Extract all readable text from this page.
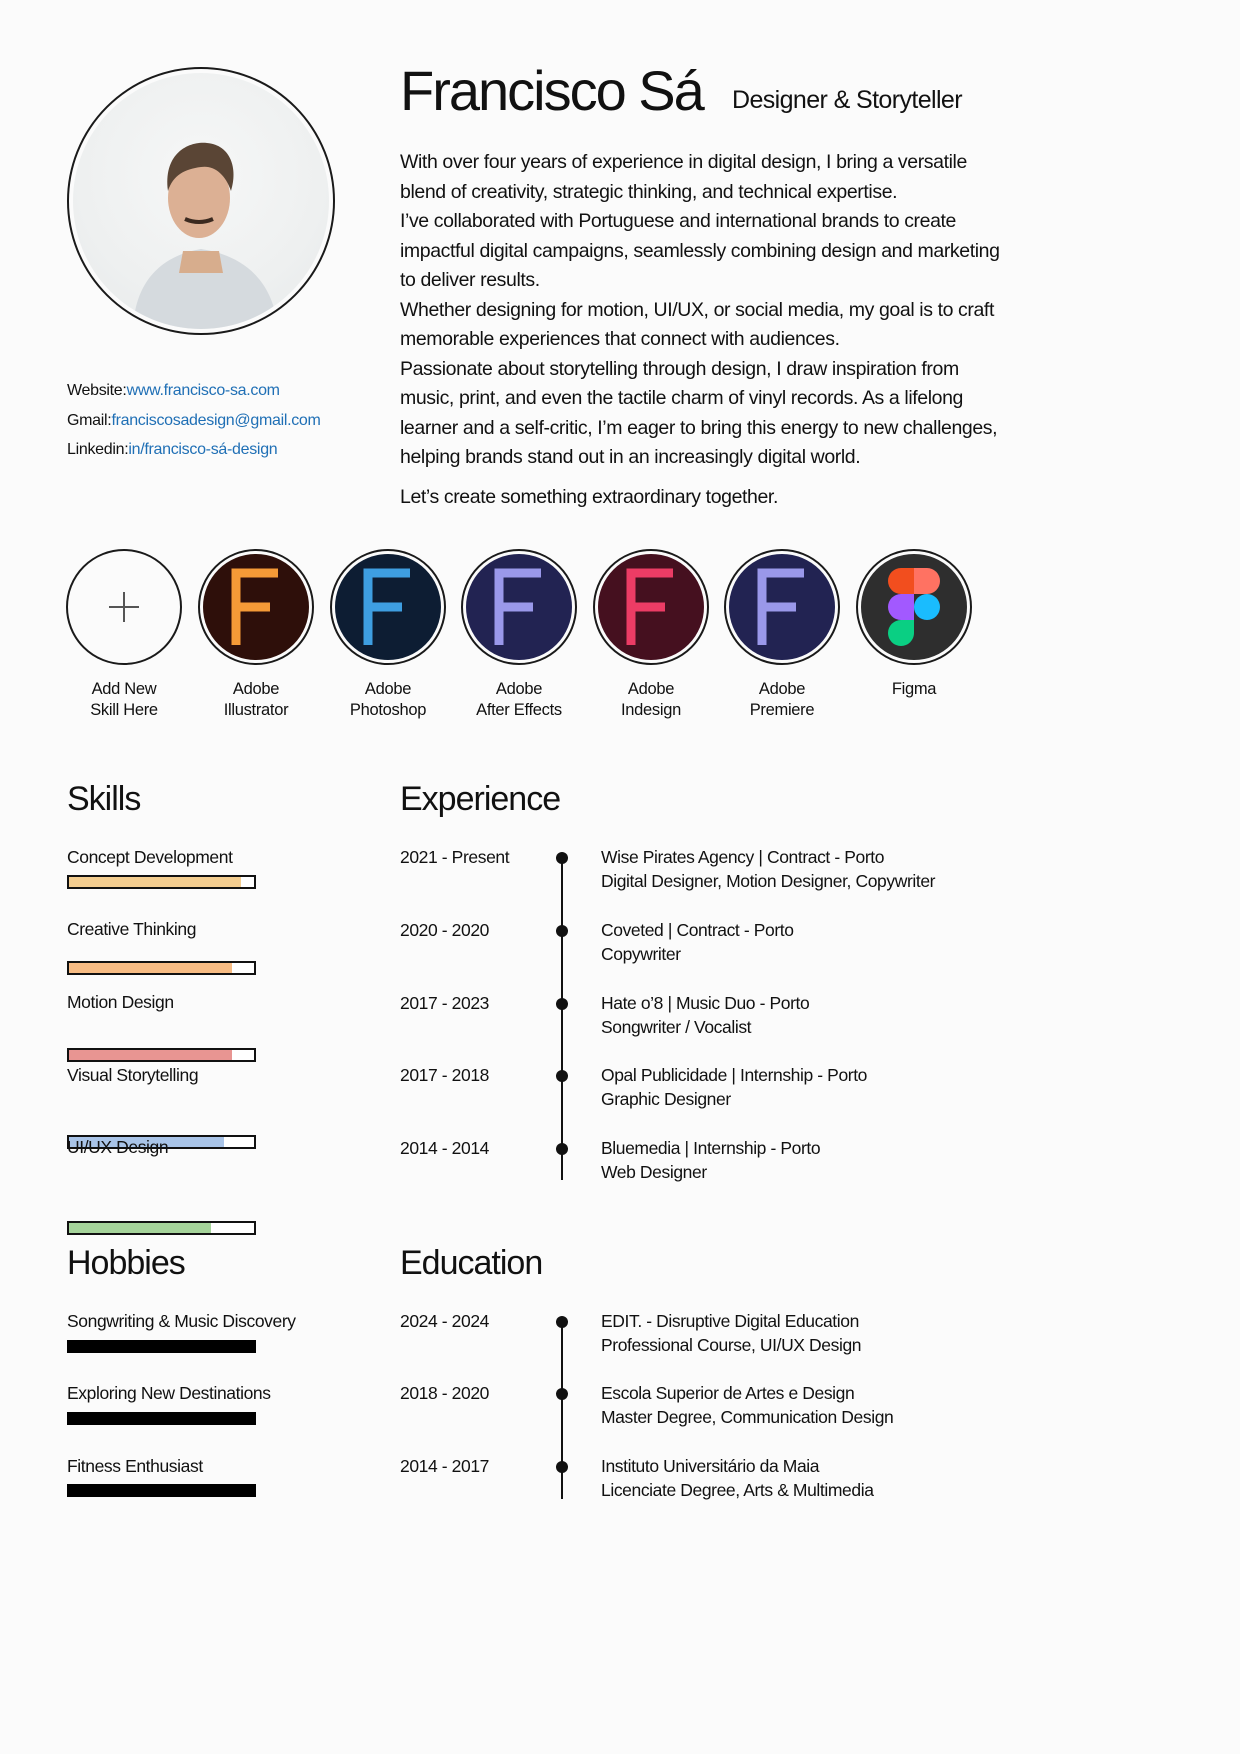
Francisco Sá Designer & Storyteller

With over four years of experience in digital design, I bring a versatile blend of creativity, strategic thinking, and technical expertise.

I’ve collaborated with Portuguese and international brands to create impactful digital campaigns, seamlessly combining design and marketing to deliver results.

Whether designing for motion, UI/UX, or social media, my goal is to craft memorable experiences that connect with audiences.

Passionate about storytelling through design, I draw inspiration from music, print, and even the tactile charm of vinyl records. As a lifelong learner and a self-critic, I’m eager to bring this energy to new challenges, helping brands stand out in an increasingly digital world.

Let’s create something extraordinary together.

Website:www.francisco-sa.com
Gmail:franciscosadesign@gmail.com
Linkedin:in/francisco-sá-design
Add New
Skill Here
Adobe
Illustrator
Adobe
Photoshop
Adobe
After Effects
Adobe
Indesign
Adobe
Premiere
Figma
Skills
Concept Development
Creative Thinking
Motion Design
Visual Storytelling
UI/UX Design
Experience
2021 - Present	Wise Pirates Agency | Contract - Porto
Digital Designer, Motion Designer, Copywriter
2020 - 2020	Coveted | Contract - Porto
Copywriter
2017 - 2023	Hate o’8 | Music Duo - Porto
Songwriter / Vocalist
2017 - 2018	Opal Publicidade | Internship - Porto
Graphic Designer
2014 - 2014	Bluemedia | Internship - Porto
Web Designer
Hobbies
Songwriting & Music Discovery
Exploring New Destinations
Fitness Enthusiast
Education
2024 - 2024	EDIT. - Disruptive Digital Education
Professional Course, UI/UX Design
2018 - 2020	Escola Superior de Artes e Design
Master Degree, Communication Design
2014 - 2017	Instituto Universitário da Maia
Licenciate Degree, Arts & Multimedia
